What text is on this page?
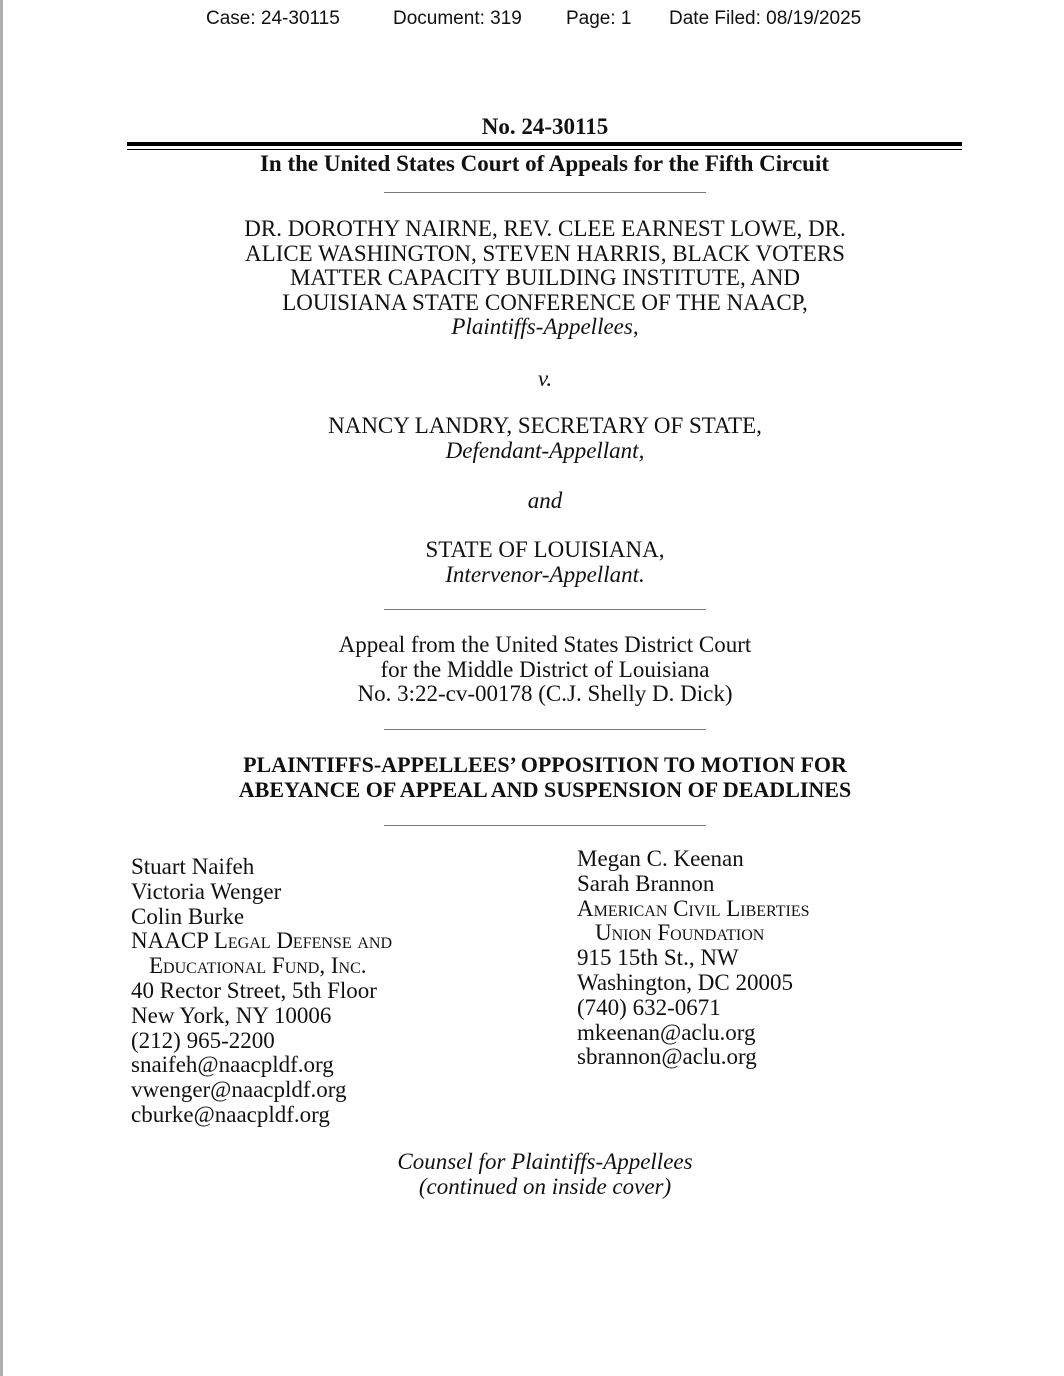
Case: 24-30115	Document: 319 Page: 1 Date Filed: 08/19/2025
No. 24-30115
In the United States Court of Appeals for the Fifth Circuit
DR. DOROTHY NAIRNE, REV. CLEE EARNEST LOWE, DR.
ALICE WASHINGTON, STEVEN HARRIS, BLACK VOTERS
MATTER CAPACITY BUILDING INSTITUTE, AND
LOUISIANA STATE CONFERENCE OF THE NAACP,
Plaintiffs-Appellees,
v.
NANCY LANDRY, SECRETARY OF STATE,
Defendant-Appellant,
and
STATE OF LOUISIANA,
Intervenor-Appellant.
Appeal from the United States District Court
for the Middle District of Louisiana
No. 3:22-cv-00178 (C.J. Shelly D. Dick)
PLAINTIFFS-APPELLEES’ OPPOSITION TO MOTION FOR
ABEYANCE OF APPEAL AND SUSPENSION OF DEADLINES
Stuart Naifeh
Victoria Wenger
Colin Burke
NAACP Legal Defense and
Educational Fund, Inc.
40 Rector Street, 5th Floor
New York, NY 10006
(212) 965-2200
snaifeh@naacpldf.org
vwenger@naacpldf.org
cburke@naacpldf.org
Megan C. Keenan
Sarah Brannon
American Civil Liberties
Union Foundation
915 15th St., NW
Washington, DC 20005
(740) 632-0671
mkeenan@aclu.org
sbrannon@aclu.org
Counsel for Plaintiffs-Appellees
(continued on inside cover)
